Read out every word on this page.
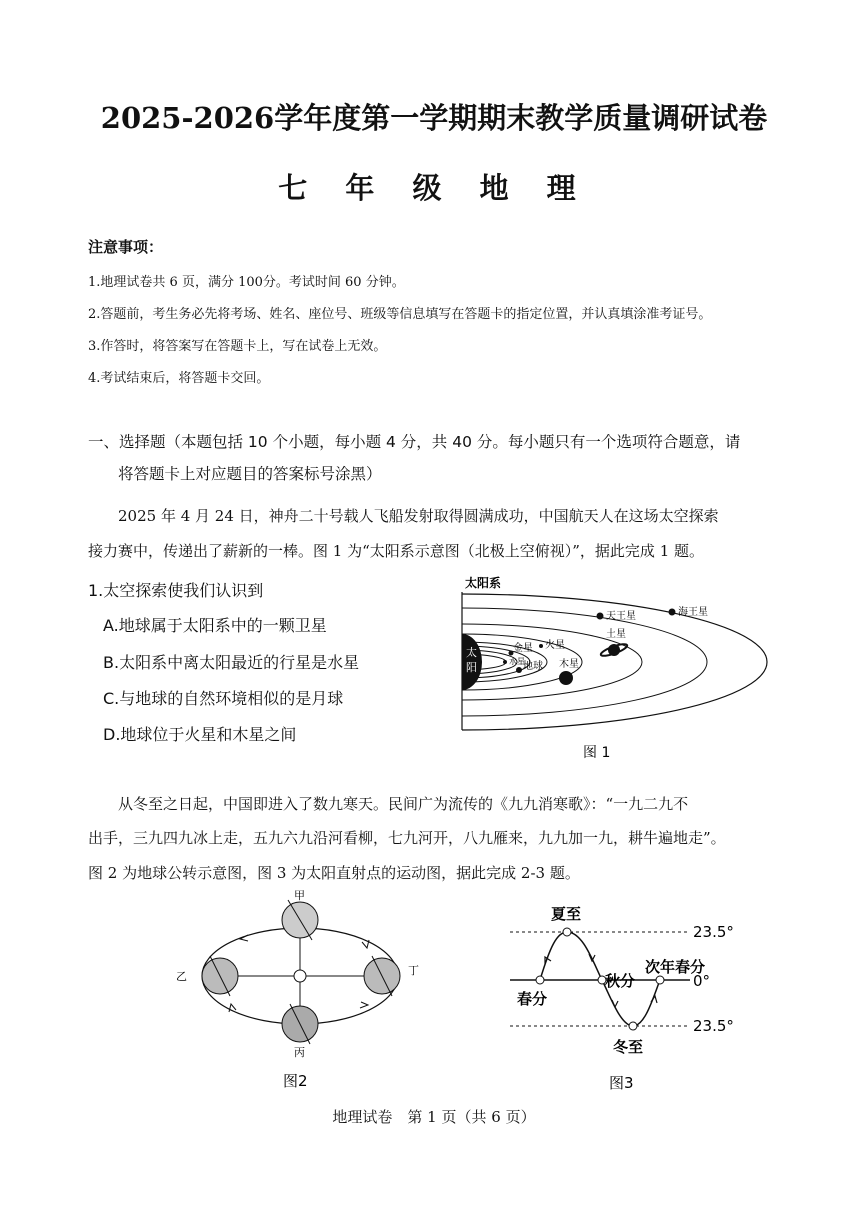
2025-2026学年度第一学期期末教学质量调研试卷
七 年 级 地 理
注意事项：
1.地理试卷共 6 页，满分 100分。考试时间 60 分钟。
2.答题前，考生务必先将考场、姓名、座位号、班级等信息填写在答题卡的指定位置，并认真填涂准考证号。
3.作答时，将答案写在答题卡上，写在试卷上无效。
4.考试结束后，将答题卡交回。
一、选择题（本题包括 10 个小题，每小题 4 分，共 40 分。每小题只有一个选项符合题意，请
将答题卡上对应题目的答案标号涂黑）
2025 年 4 月 24 日，神舟二十号载人飞船发射取得圆满成功，中国航天人在这场太空探索
接力赛中，传递出了薪新的一棒。图 1 为“太阳系示意图（北极上空俯视）”，据此完成 1 题。
1.太空探索使我们认识到
A.地球属于太阳系中的一颗卫星
B.太阳系中离太阳最近的行星是水星
C.与地球的自然环境相似的是月球
D.地球位于火星和木星之间
太阳系
太
阳	水星
金星
地球
火星
木星
土星
天王星	海王星
图 1
从冬至之日起，中国即进入了数九寒天。民间广为流传的《九九消寒歌》：“一九二九不
出手，三九四九冰上走，五九六九沿河看柳，七九河开，八九雁来，九九加一九，耕牛遍地走”。
图 2 为地球公转示意图，图 3 为太阳直射点的运动图，据此完成 2-3 题。
甲
乙	丁
丙
图2
夏至
春分
秋分
次年春分
冬至
23.5°
0°
23.5°
图3
地理试卷　第 1 页（共 6 页）
